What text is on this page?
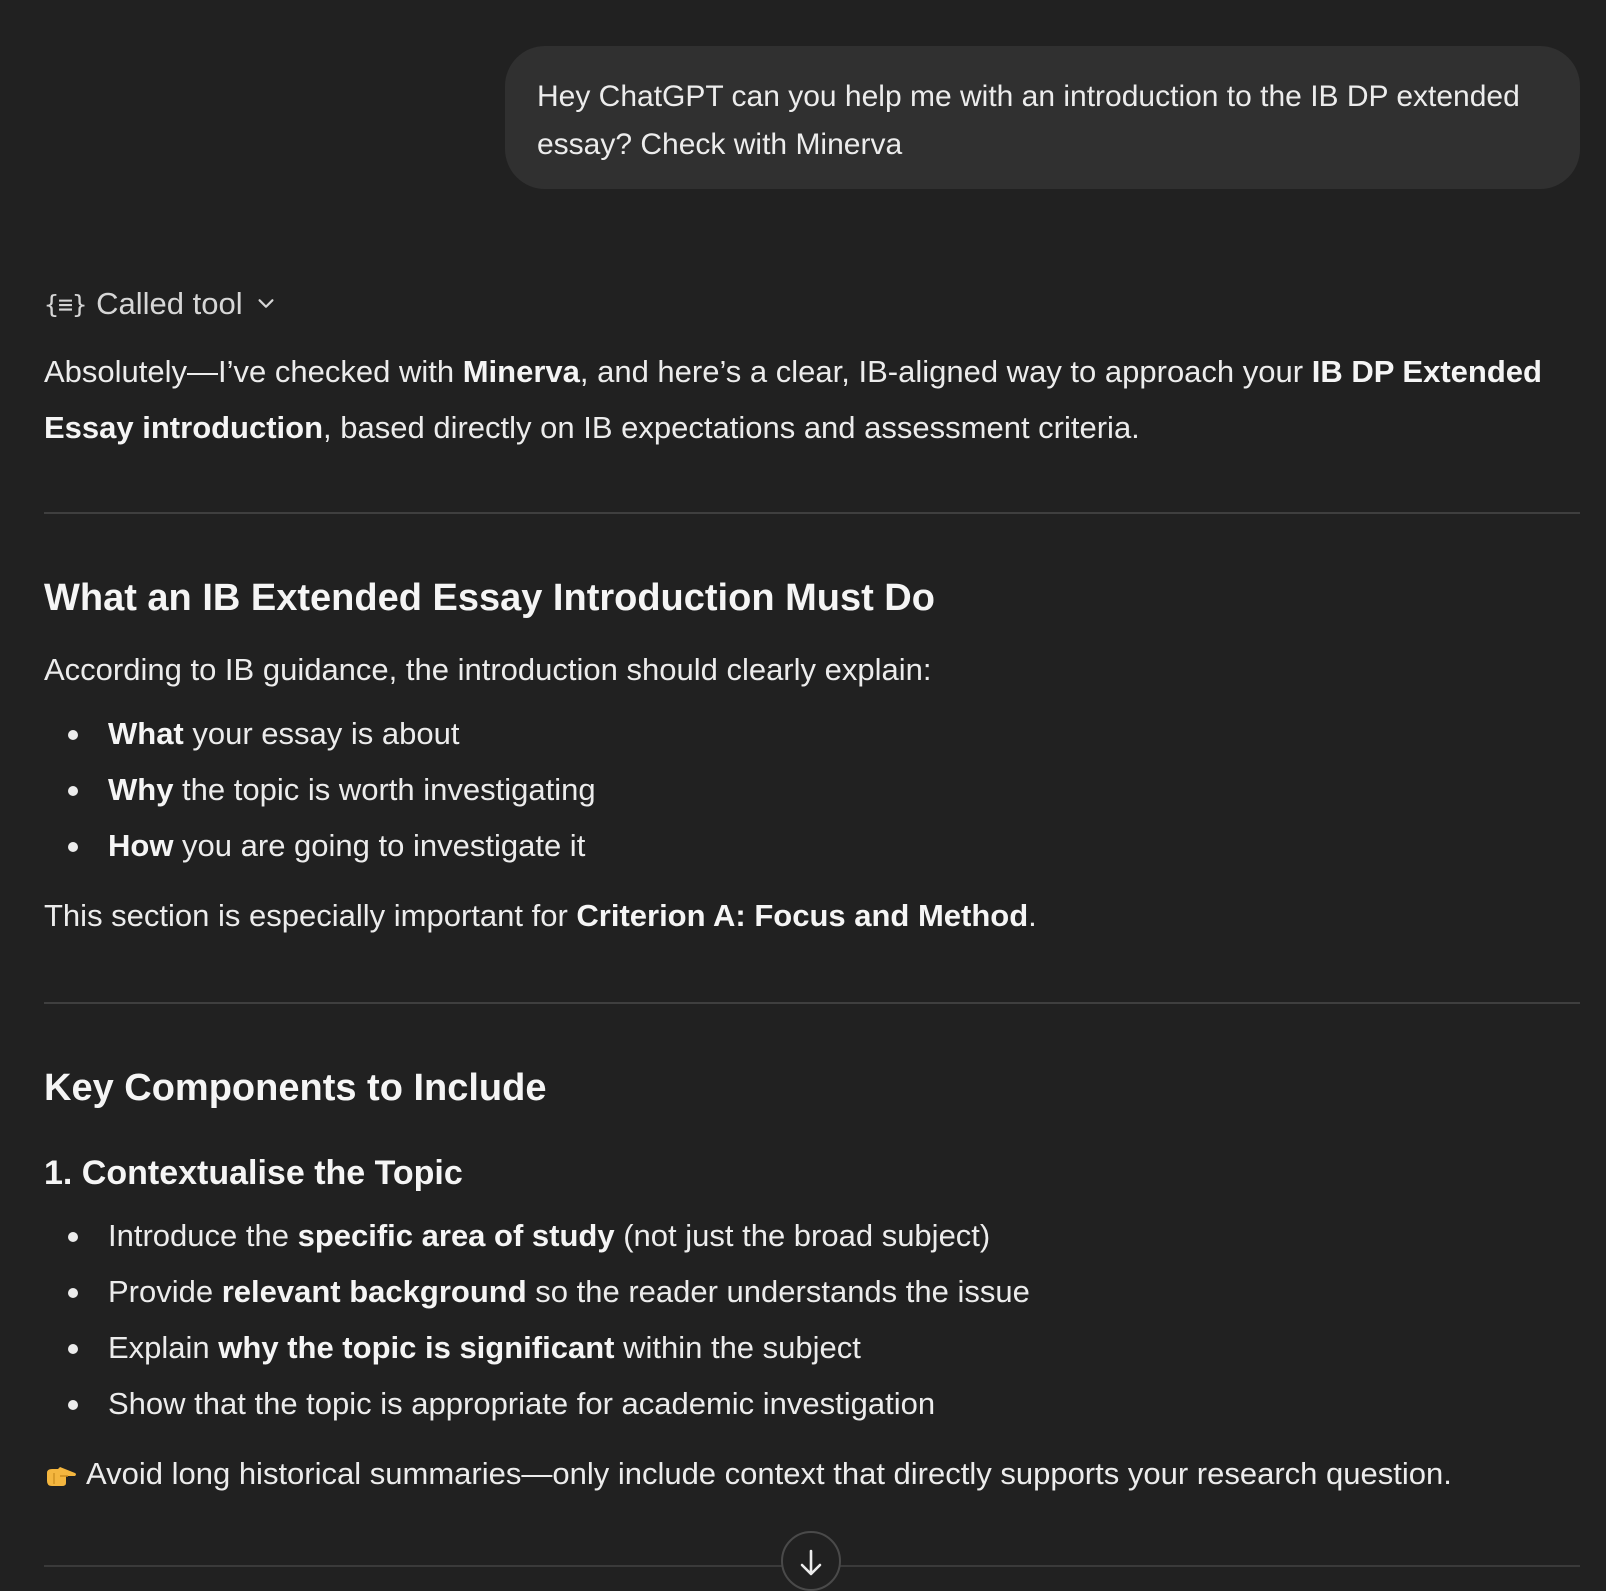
Hey ChatGPT can you help me with an introduction to the IB DP extended essay? Check with Minerva
{≡} Called tool

Absolutely—I’ve checked with Minerva, and here’s a clear, IB-aligned way to approach your IB DP Extended Essay introduction, based directly on IB expectations and assessment criteria.

What an IB Extended Essay Introduction Must Do

According to IB guidance, the introduction should clearly explain:

What your essay is about
Why the topic is worth investigating
How you are going to investigate it

This section is especially important for Criterion A: Focus and Method.

Key Components to Include
1. Contextualise the Topic
Introduce the specific area of study (not just the broad subject)
Provide relevant background so the reader understands the issue
Explain why the topic is significant within the subject
Show that the topic is appropriate for academic investigation

Avoid long historical summaries—only include context that directly supports your research question.
